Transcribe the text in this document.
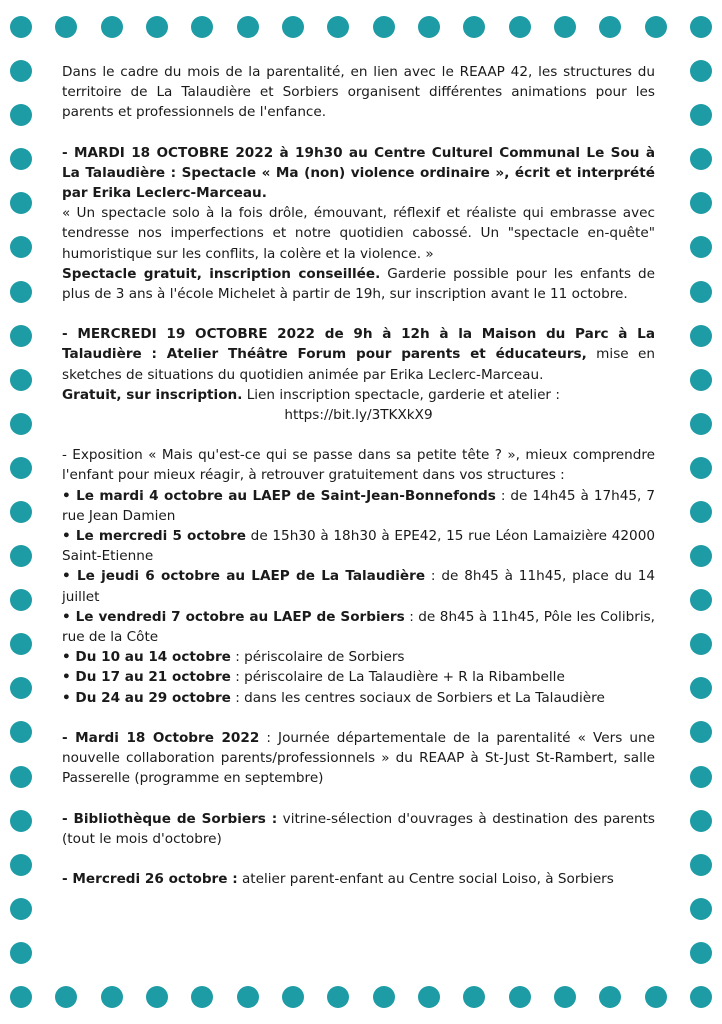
Dans le cadre du mois de la parentalité, en lien avec le REAAP 42, les structures du territoire de La Talaudière et Sorbiers organisent différentes animations pour les parents et professionnels de l'enfance.

- MARDI 18 OCTOBRE 2022 à 19h30 au Centre Culturel Communal Le Sou à La Talaudière : Spectacle « Ma (non) violence ordinaire », écrit et interprété par Erika Leclerc-Marceau.

« Un spectacle solo à la fois drôle, émouvant, réflexif et réaliste qui embrasse avec tendresse nos imperfections et notre quotidien cabossé. Un "spectacle en-quête" humoristique sur les conflits, la colère et la violence. »

Spectacle gratuit, inscription conseillée. Garderie possible pour les enfants de plus de 3 ans à l'école Michelet à partir de 19h, sur inscription avant le 11 octobre.

- MERCREDI 19 OCTOBRE 2022 de 9h à 12h à la Maison du Parc à La Talaudière : Atelier Théâtre Forum pour parents et éducateurs, mise en sketches de situations du quotidien animée par Erika Leclerc-Marceau.

Gratuit, sur inscription. Lien inscription spectacle, garderie et atelier :

https://bit.ly/3TKXkX9

- Exposition « Mais qu'est-ce qui se passe dans sa petite tête ? », mieux comprendre l'enfant pour mieux réagir, à retrouver gratuitement dans vos structures :

• Le mardi 4 octobre au LAEP de Saint-Jean-Bonnefonds : de 14h45 à 17h45, 7 rue Jean Damien
• Le mercredi 5 octobre de 15h30 à 18h30 à EPE42, 15 rue Léon Lamaizière 42000 Saint-Etienne
• Le jeudi 6 octobre au LAEP de La Talaudière : de 8h45 à 11h45, place du 14 juillet
• Le vendredi 7 octobre au LAEP de Sorbiers : de 8h45 à 11h45, Pôle les Colibris, rue de la Côte
• Du 10 au 14 octobre : périscolaire de Sorbiers
• Du 17 au 21 octobre : périscolaire de La Talaudière + R la Ribambelle
• Du 24 au 29 octobre : dans les centres sociaux de Sorbiers et La Talaudière

- Mardi 18 Octobre 2022 : Journée départementale de la parentalité « Vers une nouvelle collaboration parents/professionnels » du REAAP à St-Just St-Rambert, salle Passerelle (programme en septembre)

- Bibliothèque de Sorbiers : vitrine-sélection d'ouvrages à destination des parents (tout le mois d'octobre)

- Mercredi 26 octobre : atelier parent-enfant au Centre social Loiso, à Sorbiers
